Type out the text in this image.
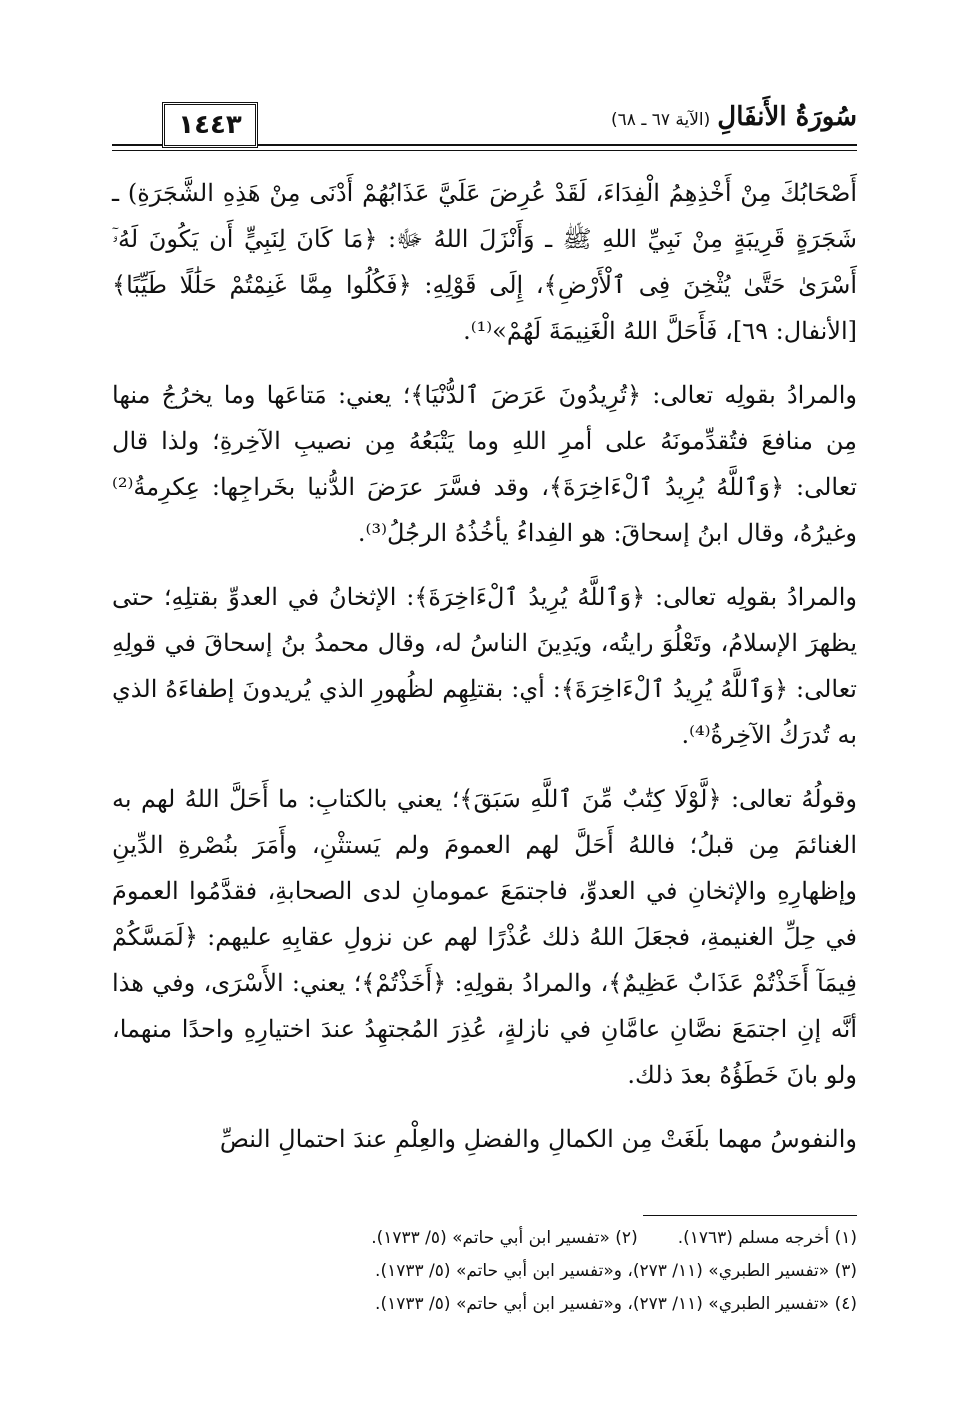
١٤٤٣	سُورَةُ الأَنفَالِ (الآية ٦٧ ـ ٦٨)

أَصْحَابُكَ مِنْ أَخْذِهِمُ الْفِدَاءَ، لَقَدْ عُرِضَ عَلَيَّ عَذَابُهُمْ أَدْنَى مِنْ هَذِهِ الشَّجَرَةِ) ـ شَجَرَةٍ قَرِيبَةٍ مِنْ نَبِيِّ اللهِ ﷺ ـ وَأَنْزَلَ اللهُ ﷻ: ﴿مَا كَانَ لِنَبِيٍّ أَن يَكُونَ لَهُۥٓ أَسْرَىٰ حَتَّىٰ يُثْخِنَ فِى ٱلْأَرْضِ﴾، إِلَى قَوْلِهِ: ﴿فَكُلُوا مِمَّا غَنِمْتُمْ حَلَٰلًا طَيِّبًا﴾ [الأنفال: ٦٩]، فَأَحَلَّ اللهُ الْغَنِيمَةَ لَهُمْ»⁽¹⁾.

والمرادُ بقولِه تعالى: ﴿تُرِيدُونَ عَرَضَ ٱلدُّنْيَا﴾؛ يعني: مَتاعَها وما يخرُجُ منها مِن منافعَ فتُقدِّمونَهُ على أمرِ اللهِ وما يَتْبَعُهُ مِن نصيبِ الآخِرةِ؛ ولذا قال تعالى: ﴿وَٱللَّهُ يُرِيدُ ٱلْءَاخِرَةَ﴾، وقد فسَّرَ عرَضَ الدُّنيا بخَراجِها: عِكرِمةُ⁽²⁾ وغيرُهُ، وقال ابنُ إسحاقَ: هو الفِداءُ يأخُذُهُ الرجُلُ⁽³⁾.

والمرادُ بقولِه تعالى: ﴿وَٱللَّهُ يُرِيدُ ٱلْءَاخِرَةَ﴾: الإثخانُ في العدوِّ بقتلِهِ؛ حتى يظهرَ الإسلامُ، وتَعْلُوَ رايتُه، ويَدِينَ الناسُ له، وقال محمدُ بنُ إسحاقَ في قولِهِ تعالى: ﴿وَٱللَّهُ يُرِيدُ ٱلْءَاخِرَةَ﴾: أي: بقتلِهِم لظُهورِ الذي يُريدونَ إطفاءَهُ الذي به تُدرَكُ الآخِرةُ⁽⁴⁾.

وقولُهُ تعالى: ﴿لَّوْلَا كِتَٰبٌ مِّنَ ٱللَّهِ سَبَقَ﴾؛ يعني بالكتابِ: ما أَحَلَّ اللهُ لهم به الغنائمَ مِن قبلُ؛ فاللهُ أَحَلَّ لهم العمومَ ولم يَستثْنِ، وأَمَرَ بنُصْرةِ الدِّينِ وإظهارِهِ والإثخانِ في العدوِّ، فاجتمَعَ عمومانِ لدى الصحابةِ، فقدَّمُوا العمومَ في حِلِّ الغنيمةِ، فجعَلَ اللهُ ذلك عُذْرًا لهم عن نزولِ عقابِهِ عليهم: ﴿لَمَسَّكُمْ فِيمَآ أَخَذْتُمْ عَذَابٌ عَظِيمٌ﴾، والمرادُ بقولِهِ: ﴿أَخَذْتُمْ﴾؛ يعني: الأَسْرَى، وفي هذا أنَّه إنِ اجتمَعَ نصَّانِ عامَّانِ في نازلةٍ، عُذِرَ المُجتهِدُ عندَ اختيارِهِ واحدًا منهما، ولو بانَ خَطَؤُهُ بعدَ ذلك.

والنفوسُ مهما بلَغَتْ مِن الكمالِ والفضلِ والعِلْمِ عندَ احتمالِ النصِّ

(١) أخرجه مسلم (١٧٦٣).
(٢) «تفسير ابن أبي حاتم» (٥/ ١٧٣٣).
(٣) «تفسير الطبري» (١١/ ٢٧٣)، و«تفسير ابن أبي حاتم» (٥/ ١٧٣٣).
(٤) «تفسير الطبري» (١١/ ٢٧٣)، و«تفسير ابن أبي حاتم» (٥/ ١٧٣٣).
